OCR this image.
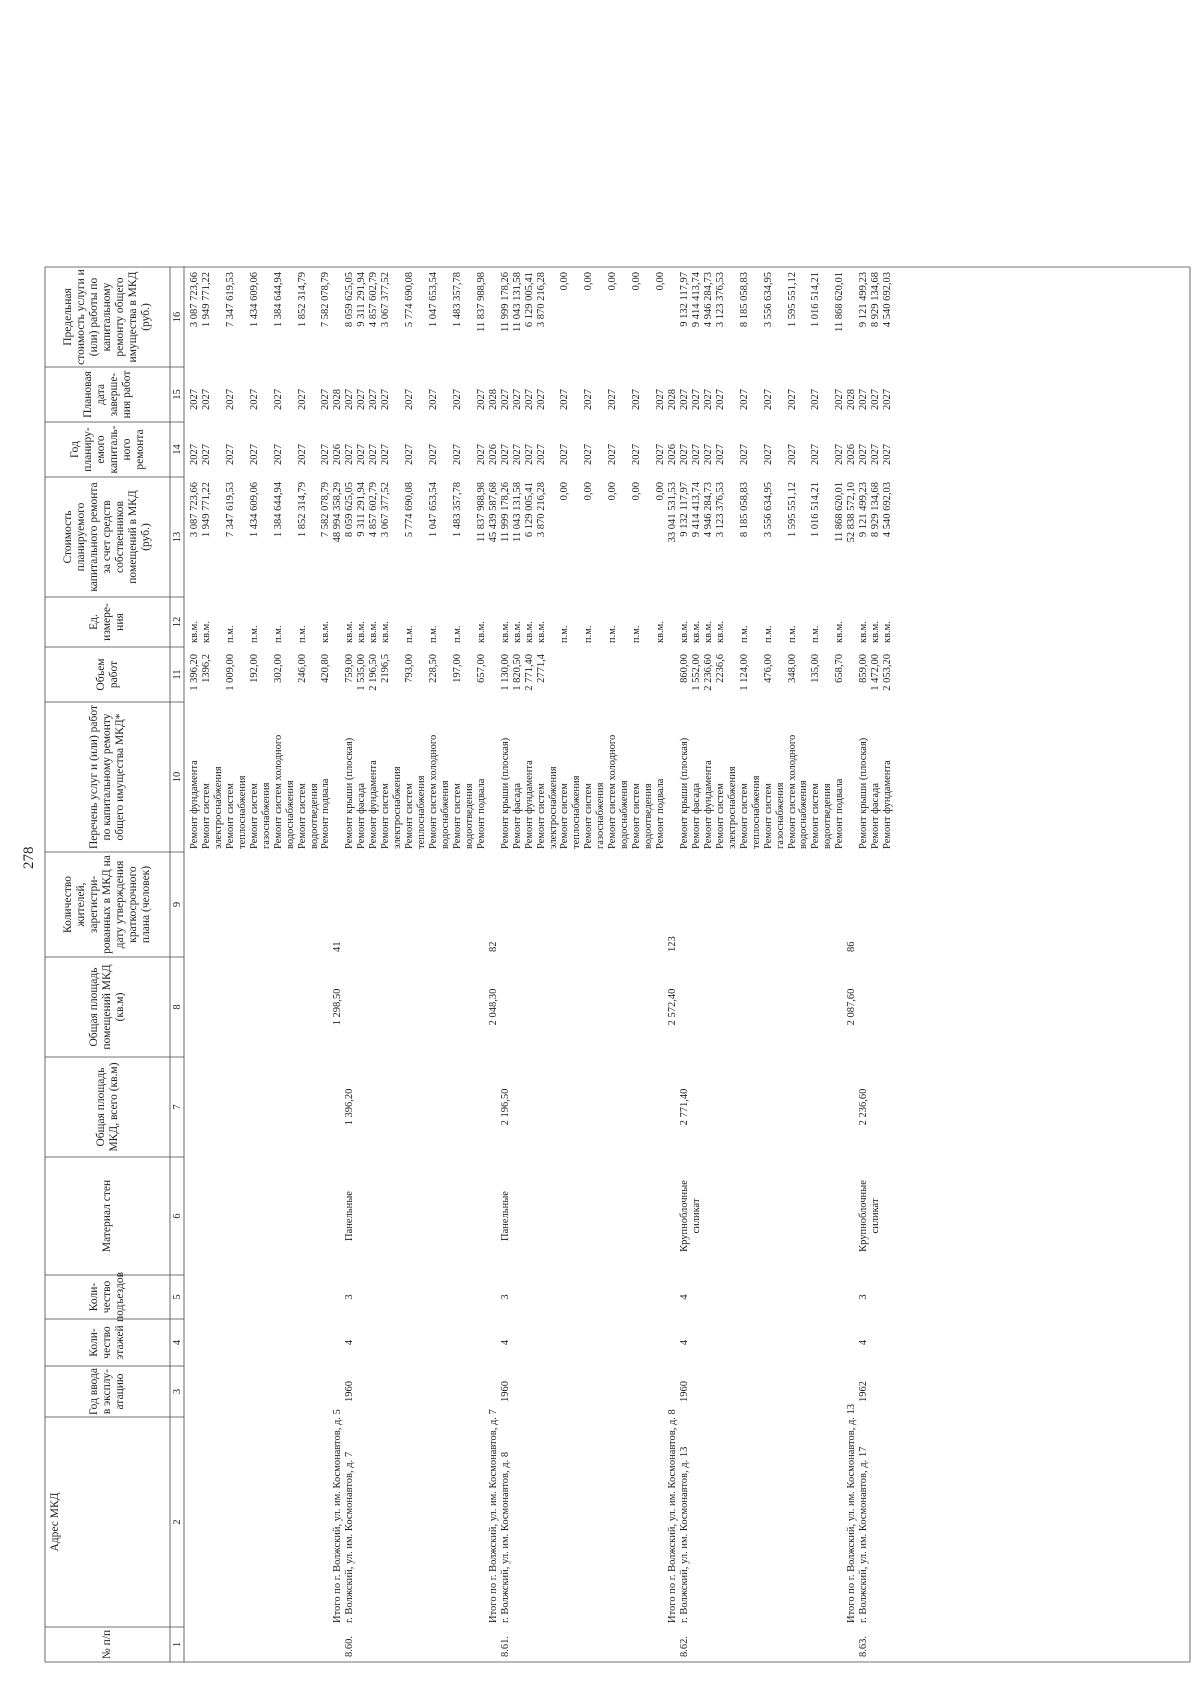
278
№ п/п
Адрес МКД
Год ввода в эксплу-атацию
Коли-чество этажей
Коли-чество подъездов
Материал стен
Общая площадь МКД, всего (кв.м)
Общая площадь помещений МКД (кв.м)
Количество жителей, зарегистри-рованных в МКД на дату утверждения краткосрочного плана (человек)
Перечень услуг и (или) работ по капитальному ремонту общего имущества МКД*
Объем работ
Ед. измере-ния
Стоимость планируемого капитального ремонта за счет средств собственников помещений в МКД (руб.)
Год планиру-емого капиталь-ного ремонта
Плановая дата заверше-ния работ
Предельная стоимость услуги и (или) работы по капитальному ремонту общего имущества в МКД (руб.)
1
2
3
4
5
6
7
8
9
10
11
12
13
14
15
16
Ремонт фундамента
1 396,20
кв.м.
3 087 723,66
2027
2027
3 087 723,66
Ремонт систем
1396,2
кв.м.
1 949 771,22
2027
2027
1 949 771,22
электроснабжения Ремонт систем
1 009,00
п.м.
7 347 619,53
2027
2027
7 347 619,53
теплоснабжения Ремонт систем
192,00
п.м.
1 434 609,06
2027
2027
1 434 609,06
газоснабжения Ремонт систем холодного
302,00
п.м.
1 384 644,94
2027
2027
1 384 644,94
водоснабжения Ремонт систем
246,00
п.м.
1 852 314,79
2027
2027
1 852 314,79
водоотведения Ремонт подвала
420,80
кв.м.
7 582 078,79
2027
2027
7 582 078,79
Итого по г. Волжский, ул. им. Космонавтов, д. 5
1 298,50
41
48 994 358,29
2026
2028
8.60.
г. Волжский, ул. им. Космонавтов, д. 7
1960
4
3
Панельные
1 396,20
Ремонт крыши (плоская)
759,00
кв.м.
8 059 625,05
2027
2027
8 059 625,05
Ремонт фасада
1 535,00
кв.м.
9 311 291,94
2027
2027
9 311 291,94
Ремонт фундамента
2 196,50
кв.м.
4 857 602,79
2027
2027
4 857 602,79
Ремонт систем
2196,5
кв.м.
3 067 377,52
2027
2027
3 067 377,52
электроснабжения Ремонт систем
793,00
п.м.
5 774 690,08
2027
2027
5 774 690,08
теплоснабжения Ремонт систем холодного
228,50
п.м.
1 047 653,54
2027
2027
1 047 653,54
водоснабжения Ремонт систем
197,00
п.м.
1 483 357,78
2027
2027
1 483 357,78
водоотведения Ремонт подвала
657,00
кв.м.
11 837 988,98
2027
2027
11 837 988,98
Итого по г. Волжский, ул. им. Космонавтов, д. 7
2 048,30
82
45 439 587,68
2026
2028
8.61.
г. Волжский, ул. им. Космонавтов, д. 8
1960
4
3
Панельные
2 196,50
Ремонт крыши (плоская)
1 130,00
кв.м.
11 999 178,26
2027
2027
11 999 178,26
Ремонт фасада
1 820,50
кв.м.
11 043 131,58
2027
2027
11 043 131,58
Ремонт фундамента
2 771,40
кв.м.
6 129 005,41
2027
2027
6 129 005,41
Ремонт систем
2771,4
кв.м.
3 870 216,28
2027
2027
3 870 216,28
электроснабжения Ремонт систем
п.м.
0,00
2027
2027
0,00
теплоснабжения Ремонт систем
п.м.
0,00
2027
2027
0,00
газоснабжения Ремонт систем холодного
п.м.
0,00
2027
2027
0,00
водоснабжения Ремонт систем
п.м.
0,00
2027
2027
0,00
водоотведения Ремонт подвала
кв.м.
0,00
2027
2027
0,00
Итого по г. Волжский, ул. им. Космонавтов, д. 8
2 572,40
123
33 041 531,53
2026
2028
8.62.
г. Волжский, ул. им. Космонавтов, д. 13
1960
4
4
Крупноблочные
2 771,40
Ремонт крыши (плоская)
860,00
кв.м.
9 132 117,97
2027
2027
9 132 117,97
силикат
Ремонт фасада
1 552,00
кв.м.
9 414 413,74
2027
2027
9 414 413,74
Ремонт фундамента
2 236,60
кв.м.
4 946 284,73
2027
2027
4 946 284,73
Ремонт систем
2236,6
кв.м.
3 123 376,53
2027
2027
3 123 376,53
электроснабжения Ремонт систем
1 124,00
п.м.
8 185 058,83
2027
2027
8 185 058,83
теплоснабжения Ремонт систем
476,00
п.м.
3 556 634,95
2027
2027
3 556 634,95
газоснабжения Ремонт систем холодного
348,00
п.м.
1 595 551,12
2027
2027
1 595 551,12
водоснабжения Ремонт систем
135,00
п.м.
1 016 514,21
2027
2027
1 016 514,21
водоотведения Ремонт подвала
658,70
кв.м.
11 868 620,01
2027
2027
11 868 620,01
Итого по г. Волжский, ул. им. Космонавтов, д. 13
2 087,60
86
52 838 572,10
2026
2028
8.63.
г. Волжский, ул. им. Космонавтов, д. 17
1962
4
3
Крупноблочные
2 236,60
Ремонт крыши (плоская)
859,00
кв.м.
9 121 499,23
2027
2027
9 121 499,23
силикат
Ремонт фасада
1 472,00
кв.м.
8 929 134,68
2027
2027
8 929 134,68
Ремонт фундамента
2 053,20
кв.м.
4 540 692,03
2027
2027
4 540 692,03
